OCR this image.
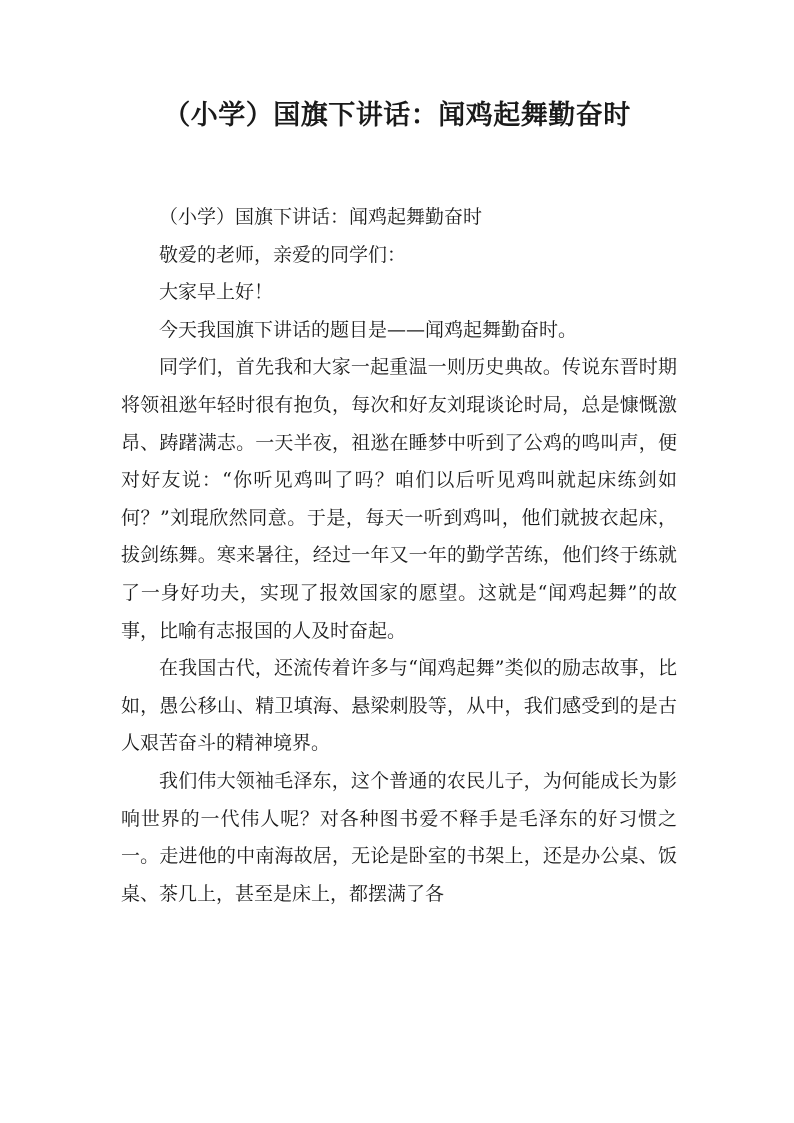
（小学）国旗下讲话：闻鸡起舞勤奋时

（小学）国旗下讲话：闻鸡起舞勤奋时

敬爱的老师，亲爱的同学们：

大家早上好！

今天我国旗下讲话的题目是——闻鸡起舞勤奋时。

同学们，首先我和大家一起重温一则历史典故。传说东晋时期将领祖逖年轻时很有抱负，每次和好友刘琨谈论时局，总是慷慨激昂、踌躇满志。一天半夜，祖逖在睡梦中听到了公鸡的鸣叫声，便对好友说：“你听见鸡叫了吗？咱们以后听见鸡叫就起床练剑如何？”刘琨欣然同意。于是，每天一听到鸡叫，他们就披衣起床，拔剑练舞。寒来暑往，经过一年又一年的勤学苦练，他们终于练就了一身好功夫，实现了报效国家的愿望。这就是“闻鸡起舞”的故事，比喻有志报国的人及时奋起。

在我国古代，还流传着许多与“闻鸡起舞”类似的励志故事，比如，愚公移山、精卫填海、悬梁刺股等，从中，我们感受到的是古人艰苦奋斗的精神境界。

我们伟大领袖毛泽东，这个普通的农民儿子，为何能成长为影响世界的一代伟人呢？对各种图书爱不释手是毛泽东的好习惯之一。走进他的中南海故居，无论是卧室的书架上，还是办公桌、饭桌、茶几上，甚至是床上，都摆满了各
